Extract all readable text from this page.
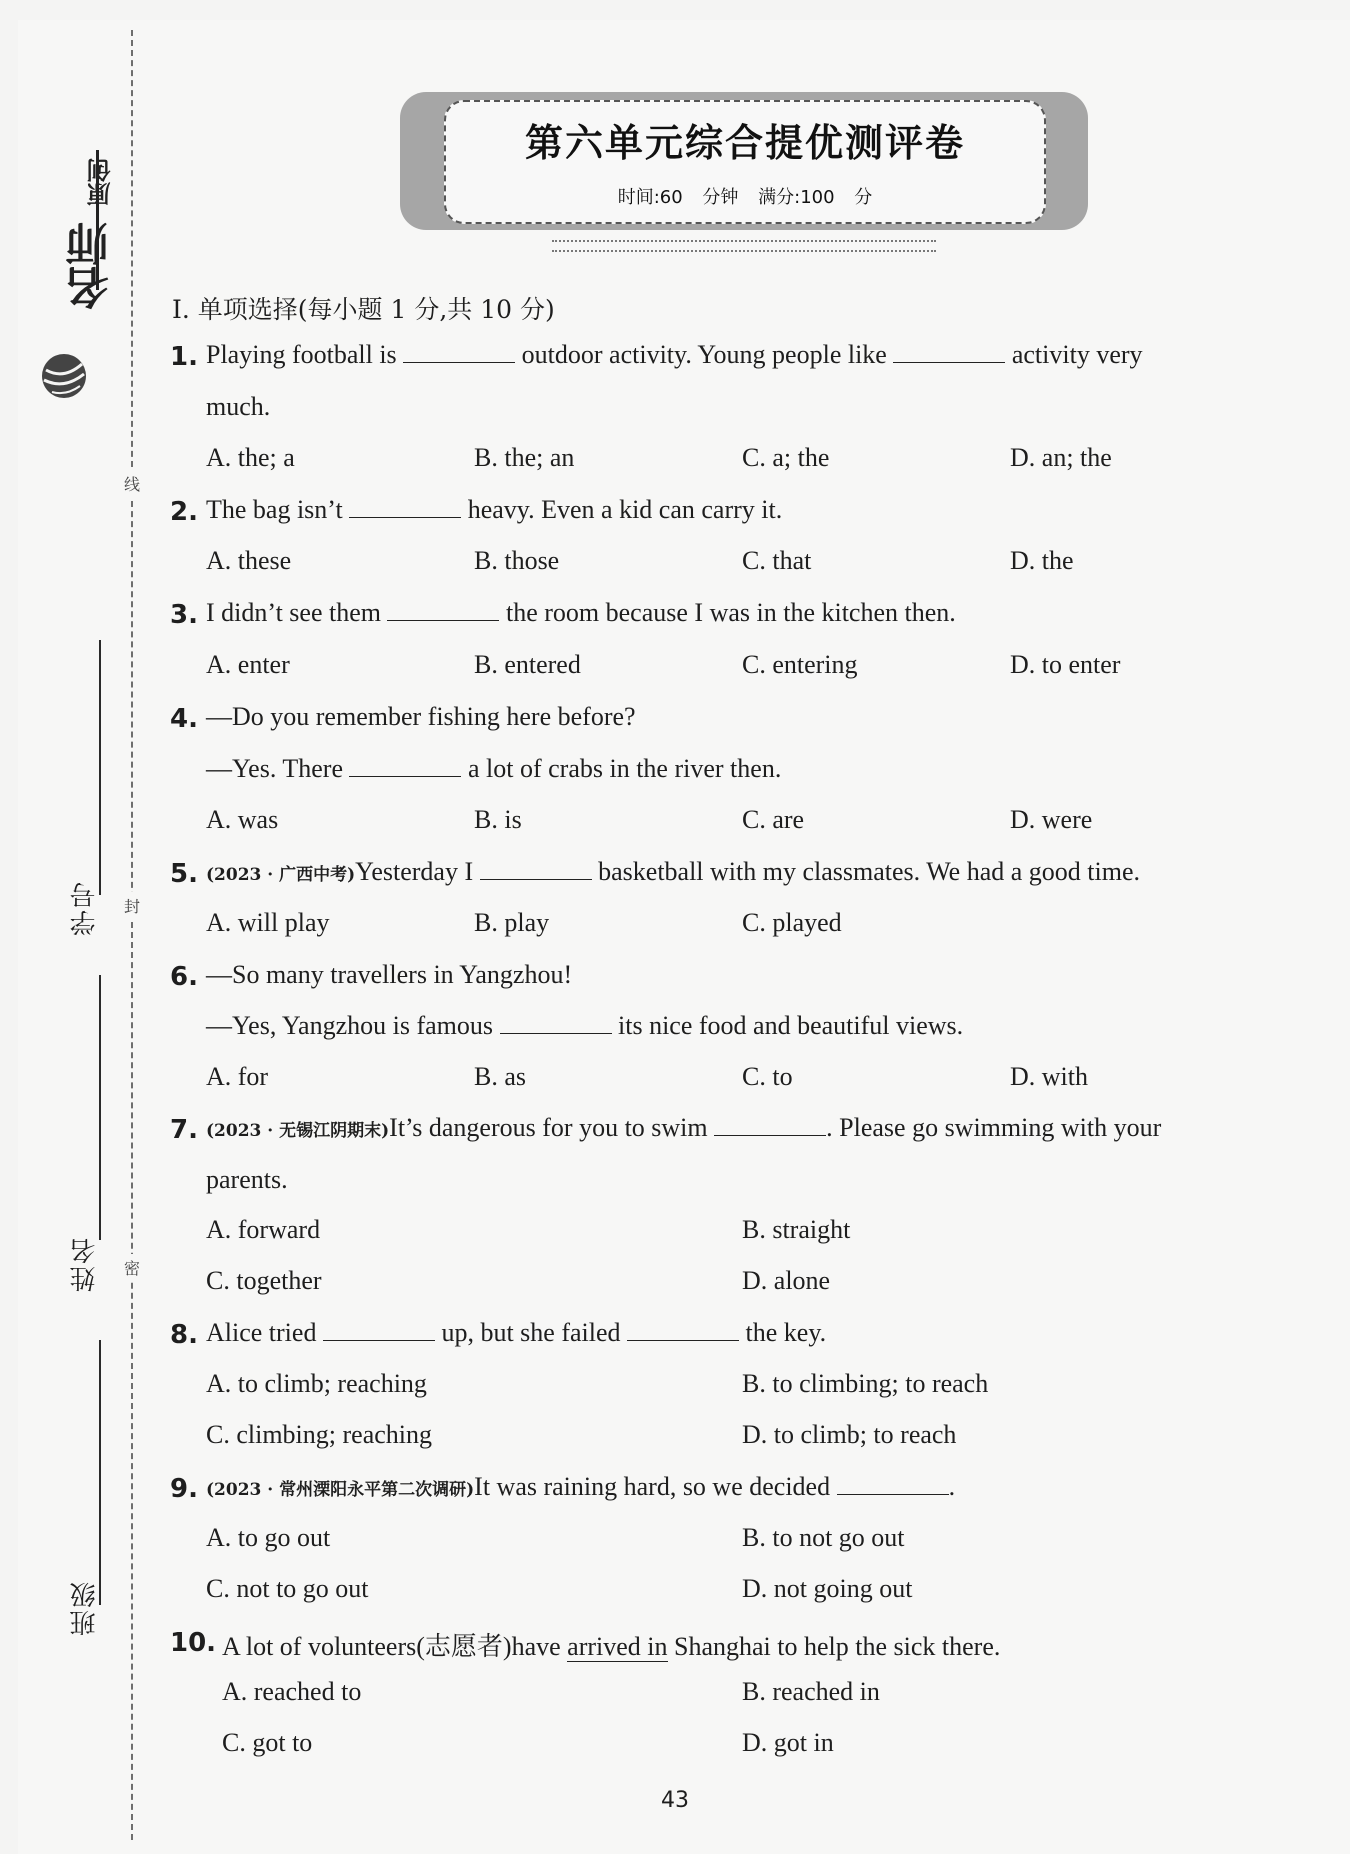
线
封
密
学号
姓名
班级
原创
名师
第六单元综合提优测评卷
时间:60 分钟 满分:100 分
Ⅰ. 单项选择(每小题 1 分,共 10 分)
1. Playing football is	outdoor activity. Young people like	activity very
much.
A. the; a	B. the; an	C. a; the	D. an; the
2. The bag isn’t	heavy. Even a kid can carry it.
A. these	B. those	C. that	D. the
3. I didn’t see them	the room because I was in the kitchen then.
A. enter	B. entered	C. entering	D. to enter
4. —Do you remember fishing here before?
—Yes. There	a lot of crabs in the river then.
A. was	B. is	C. are	D. were
5. (2023 · 广西中考)Yesterday I	basketball with my classmates. We had a good time.
A. will play	B. play	C. played
6. —So many travellers in Yangzhou!
—Yes, Yangzhou is famous	its nice food and beautiful views.
A. for	B. as	C. to	D. with
7. (2023 · 无锡江阴期末)It’s dangerous for you to swim	. Please go swimming with your
parents.
A. forward	B. straight
C. together	D. alone
8. Alice tried	up, but she failed	the key.
A. to climb; reaching	B. to climbing; to reach
C. climbing; reaching	D. to climb; to reach
9. (2023 · 常州溧阳永平第二次调研)It was raining hard, so we decided	.
A. to go out	B. to not go out
C. not to go out	D. not going out
10. A lot of volunteers(志愿者)have arrived in Shanghai to help the sick there.
A. reached to	B. reached in
C. got to	D. got in
43
